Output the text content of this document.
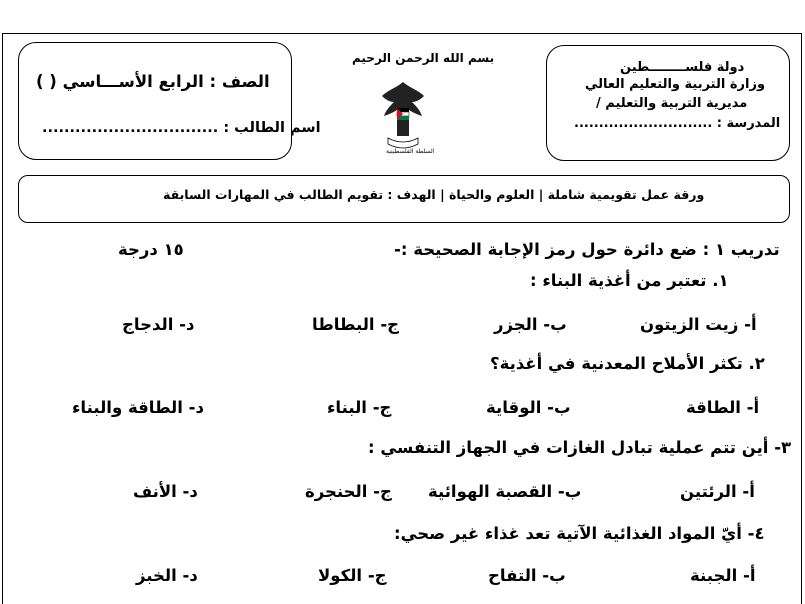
بسم الله الرحمن الرحيم
السلطة الفلسطينية
دولة فلســــــــطين
وزارة التربية والتعليم العالي
مديرية التربية والتعليم /
المدرسة : ............................
الصف : الرابع الأســـاسي ( )
اسم الطالب : ................................
ورقة عمل تقويمية شاملة | العلوم والحياة | الهدف : تقويم الطالب في المهارات السابقة
تدريب ١ : ضع دائرة حول رمز الإجابة الصحيحة :-
١٥ درجة
١. تعتبر من أغذية البناء :
أ- زيت الزيتون
ب- الجزر
ج- البطاطا
د- الدجاج
٢. تكثر الأملاح المعدنية في أغذية؟
أ- الطاقة
ب- الوقاية
ج- البناء
د- الطاقة والبناء
٣- أين تتم عملية تبادل الغازات في الجهاز التنفسي :
أ- الرئتين
ب- القصبة الهوائية
ج- الحنجرة
د- الأنف
٤- أيّ المواد الغذائية الآتية تعد غذاء غير صحي:
أ- الجبنة
ب- التفاح
ج- الكولا
د- الخبز
